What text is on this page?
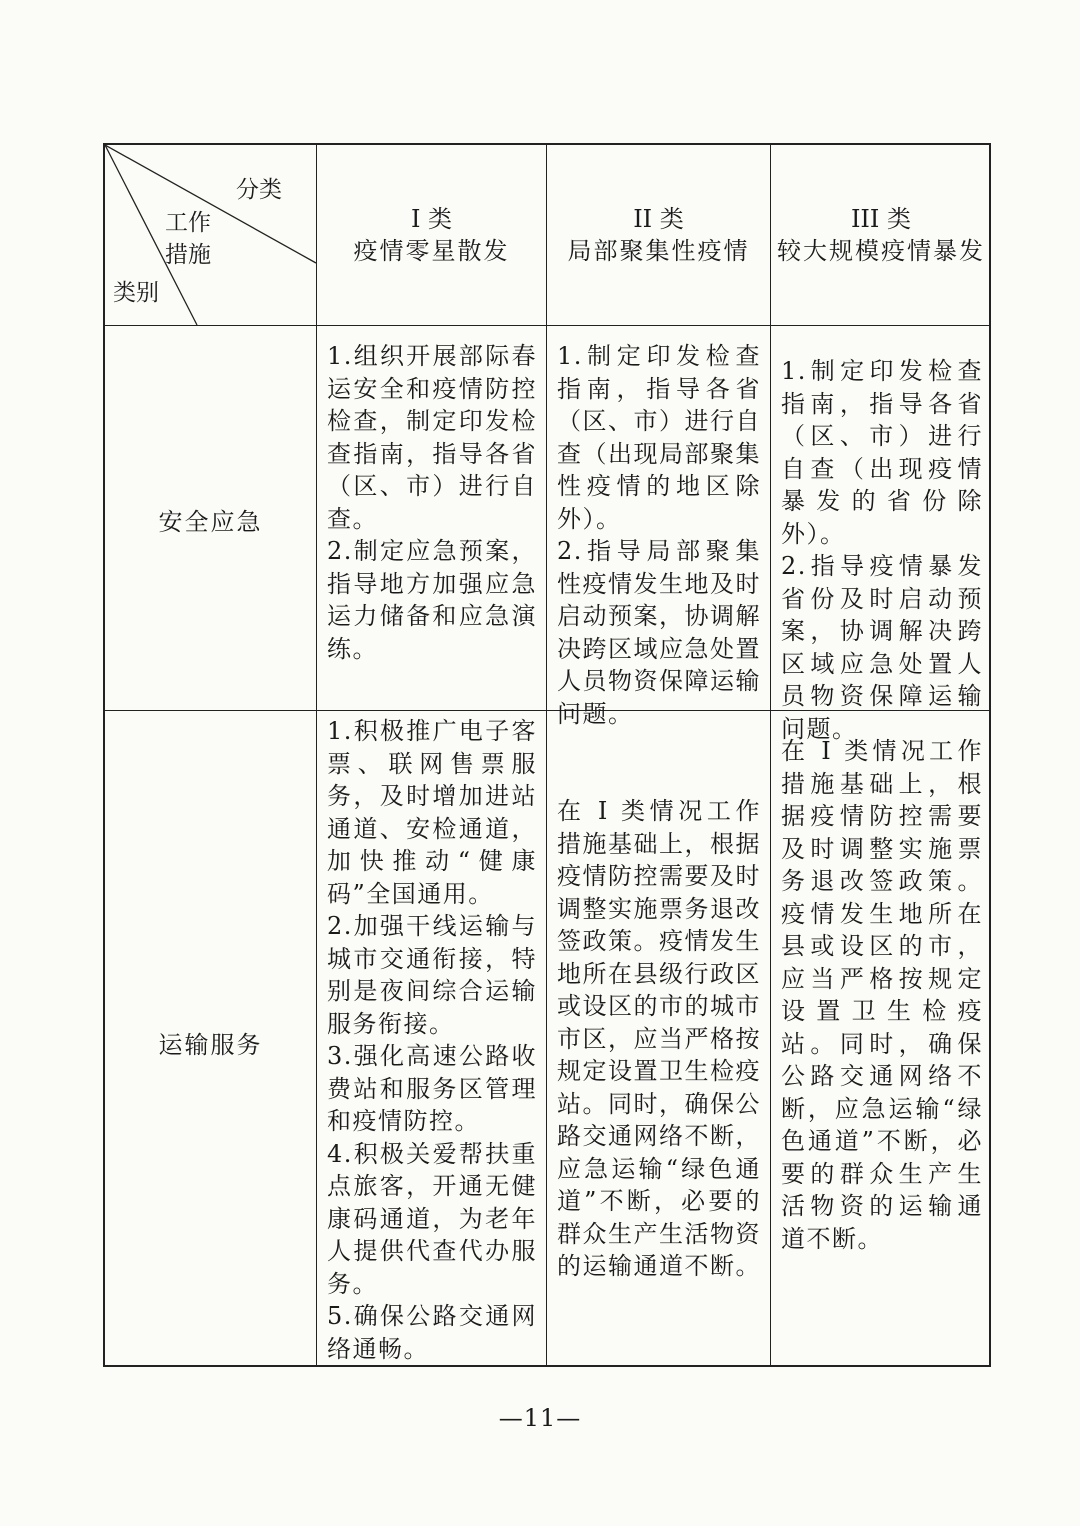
分类
工作
措施
类别
I 类
疫情零星散发
II 类
局部聚集性疫情
III 类
较大规模疫情暴发
安全应急
1.组织开展部际春运安全和疫情防控检查，制定印发检查指南，指导各省（区、市）进行自查。
2.制定应急预案，指导地方加强应急运力储备和应急演练。
1.制定印发检查指南，指导各省（区、市）进行自查（出现局部聚集性疫情的地区除外）。
2.指导局部聚集性疫情发生地及时启动预案，协调解决跨区域应急处置人员物资保障运输问题。
1.制定印发检查指南，指导各省（区、市）进行自查（出现疫情暴发的省份除外）。
2.指导疫情暴发省份及时启动预案，协调解决跨区域应急处置人员物资保障运输问题。
运输服务
1.积极推广电子客票、联网售票服务，及时增加进站通道、安检通道，加快推动“健康码”全国通用。
2.加强干线运输与城市交通衔接，特别是夜间综合运输服务衔接。
3.强化高速公路收费站和服务区管理和疫情防控。
4.积极关爱帮扶重点旅客，开通无健康码通道，为老年人提供代查代办服务。
5.确保公路交通网络通畅。
在 I 类情况工作措施基础上，根据疫情防控需要及时调整实施票务退改签政策。疫情发生地所在县级行政区或设区的市的城市市区，应当严格按规定设置卫生检疫站。同时，确保公路交通网络不断，应急运输“绿色通道”不断，必要的群众生产生活物资的运输通道不断。
在 I 类情况工作措施基础上，根据疫情防控需要及时调整实施票务退改签政策。疫情发生地所在县或设区的市，应当严格按规定设置卫生检疫站。同时，确保公路交通网络不断，应急运输“绿色通道”不断，必要的群众生产生活物资的运输通道不断。
—11—
